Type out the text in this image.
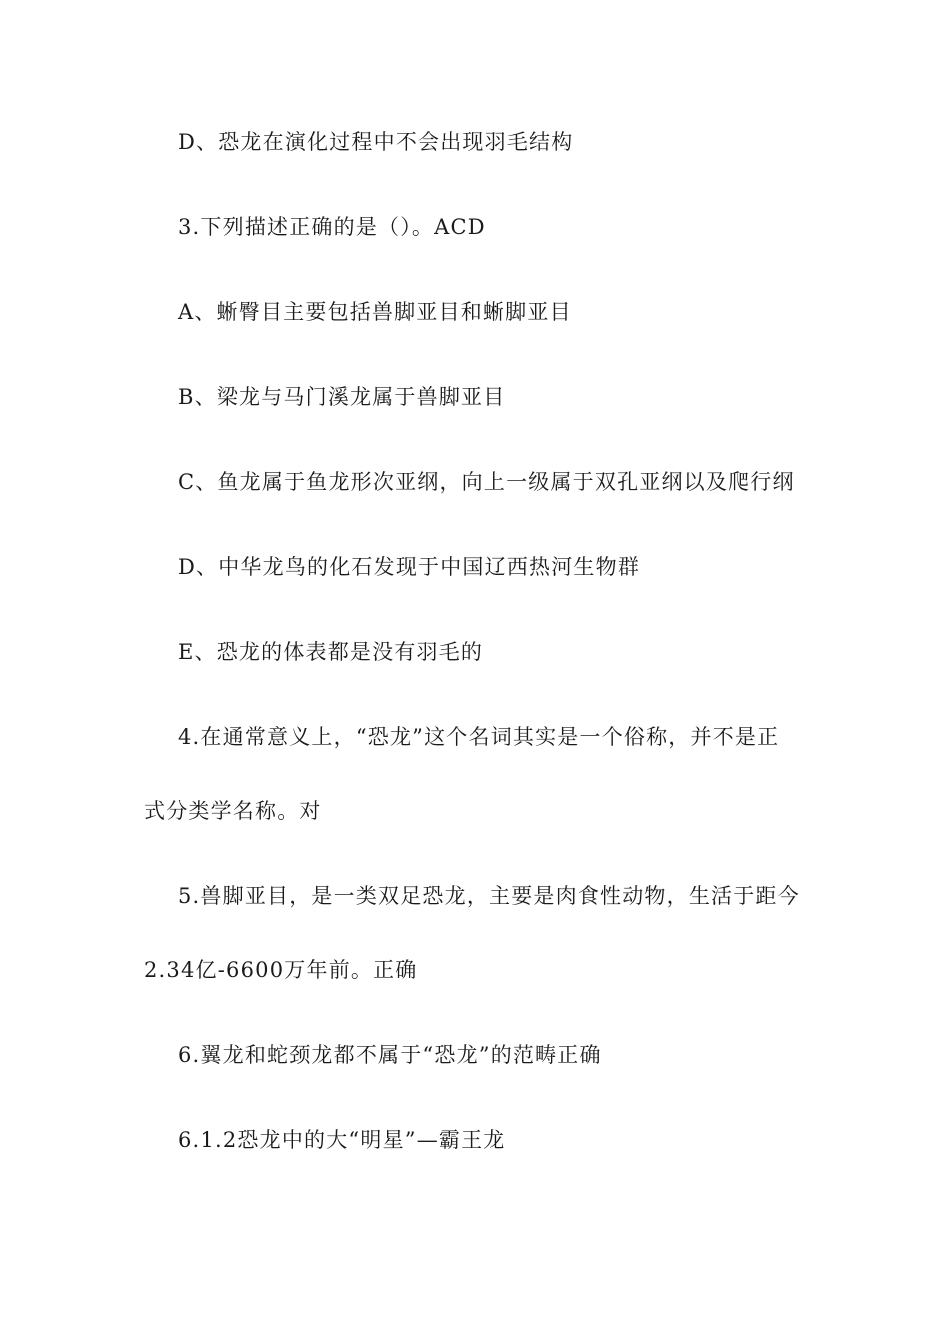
D、恐龙在演化过程中不会出现羽毛结构
3.下列描述正确的是（）。ACD
A、蜥臀目主要包括兽脚亚目和蜥脚亚目
B、梁龙与马门溪龙属于兽脚亚目
C、鱼龙属于鱼龙形次亚纲，向上一级属于双孔亚纲以及爬行纲
D、中华龙鸟的化石发现于中国辽西热河生物群
E、恐龙的体表都是没有羽毛的
4.在通常意义上，“恐龙”这个名词其实是一个俗称，并不是正
式分类学名称。对
5.兽脚亚目，是一类双足恐龙，主要是肉食性动物，生活于距今
2.34亿-6600万年前。正确
6.翼龙和蛇颈龙都不属于“恐龙”的范畴正确
6.1.2恐龙中的大“明星”—霸王龙
